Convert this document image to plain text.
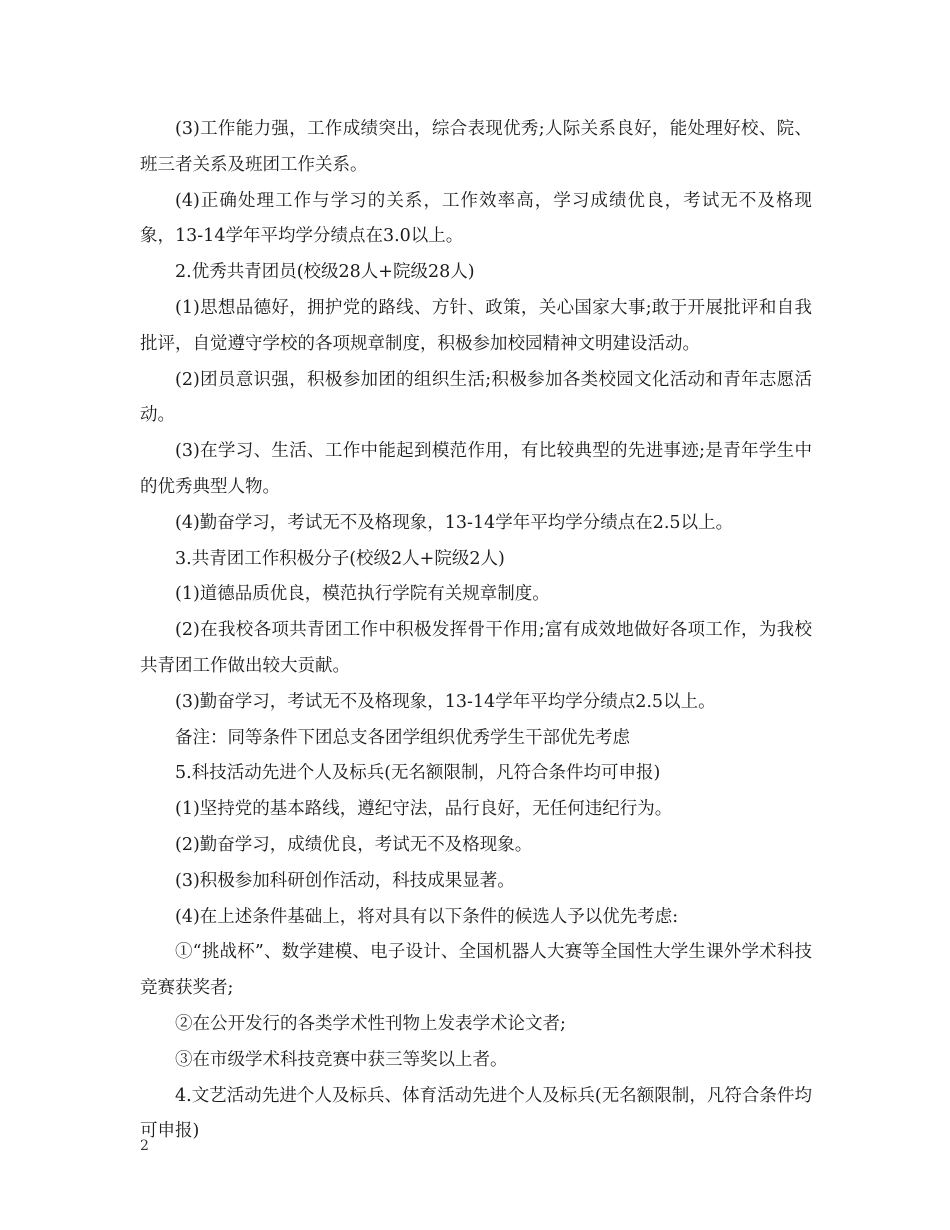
(3)工作能力强，工作成绩突出，综合表现优秀;人际关系良好，能处理好校、院、班三者关系及班团工作关系。

(4)正确处理工作与学习的关系，工作效率高，学习成绩优良，考试无不及格现象，13-14学年平均学分绩点在3.0以上。

2.优秀共青团员(校级28人+院级28人)

(1)思想品德好，拥护党的路线、方针、政策，关心国家大事;敢于开展批评和自我批评，自觉遵守学校的各项规章制度，积极参加校园精神文明建设活动。

(2)团员意识强，积极参加团的组织生活;积极参加各类校园文化活动和青年志愿活动。

(3)在学习、生活、工作中能起到模范作用，有比较典型的先进事迹;是青年学生中的优秀典型人物。

(4)勤奋学习，考试无不及格现象，13-14学年平均学分绩点在2.5以上。

3.共青团工作积极分子(校级2人+院级2人)

(1)道德品质优良，模范执行学院有关规章制度。

(2)在我校各项共青团工作中积极发挥骨干作用;富有成效地做好各项工作，为我校共青团工作做出较大贡献。

(3)勤奋学习，考试无不及格现象，13-14学年平均学分绩点2.5以上。

备注：同等条件下团总支各团学组织优秀学生干部优先考虑

5.科技活动先进个人及标兵(无名额限制，凡符合条件均可申报)

(1)坚持党的基本路线，遵纪守法，品行良好，无任何违纪行为。

(2)勤奋学习，成绩优良，考试无不及格现象。

(3)积极参加科研创作活动，科技成果显著。

(4)在上述条件基础上，将对具有以下条件的候选人予以优先考虑:

①“挑战杯”、数学建模、电子设计、全国机器人大赛等全国性大学生课外学术科技竞赛获奖者;

②在公开发行的各类学术性刊物上发表学术论文者;

③在市级学术科技竞赛中获三等奖以上者。

4.文艺活动先进个人及标兵、体育活动先进个人及标兵(无名额限制，凡符合条件均可申报)

2
